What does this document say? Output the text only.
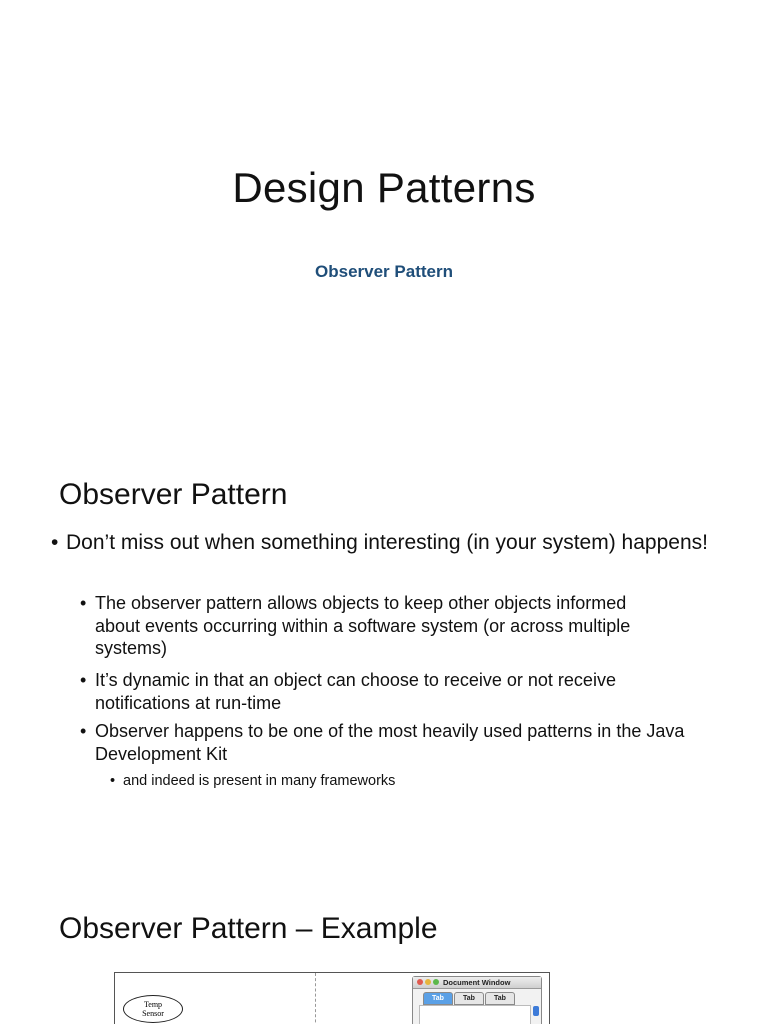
Design Patterns
Observer Pattern
Observer Pattern
• Don’t miss out when something interesting (in your system) happens!
• The observer pattern allows objects to keep other objects informed about events occurring within a software system (or across multiple systems)
• It’s dynamic in that an object can choose to receive or not receive notifications at run-time
• Observer happens to be one of the most heavily used patterns in the Java Development Kit
• and indeed is present in many frameworks
Observer Pattern – Example
Temp
Sensor
Document Window
Tab	Tab	Tab
